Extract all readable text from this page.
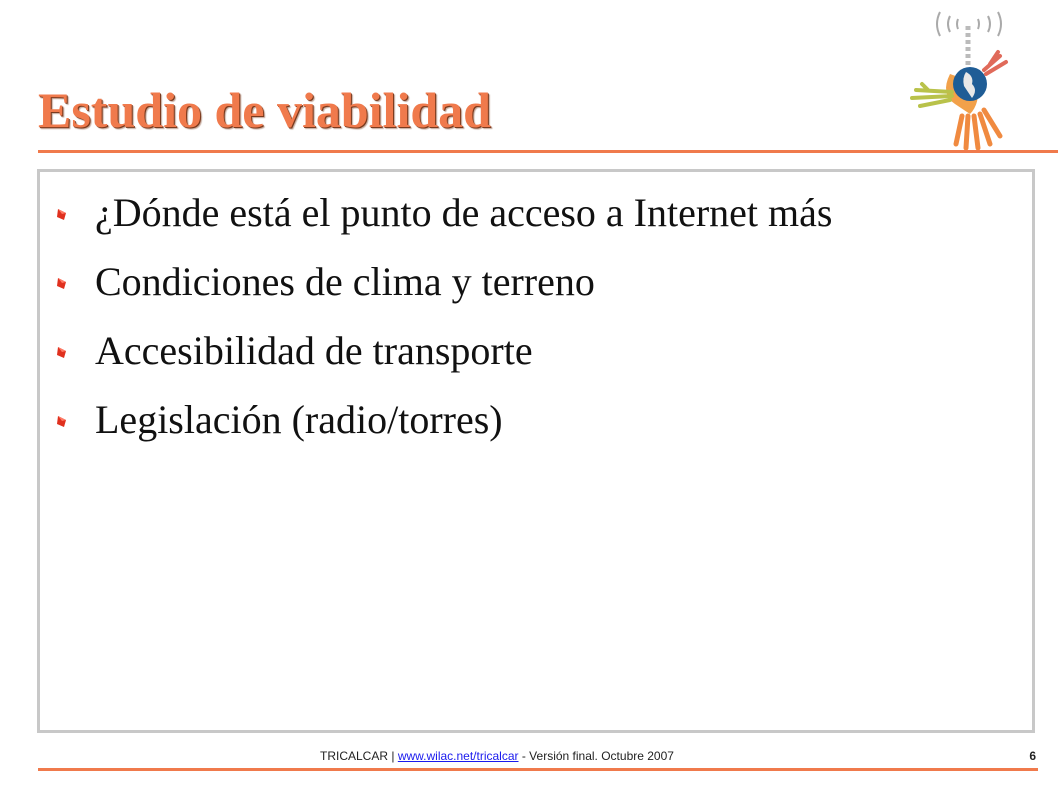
Estudio de viabilidad
¿Dónde está el punto de acceso a Internet más
Condiciones de clima y terreno
Accesibilidad de transporte
Legislación (radio/torres)
TRICALCAR | www.wilac.net/tricalcar - Versión final. Octubre 2007	6
